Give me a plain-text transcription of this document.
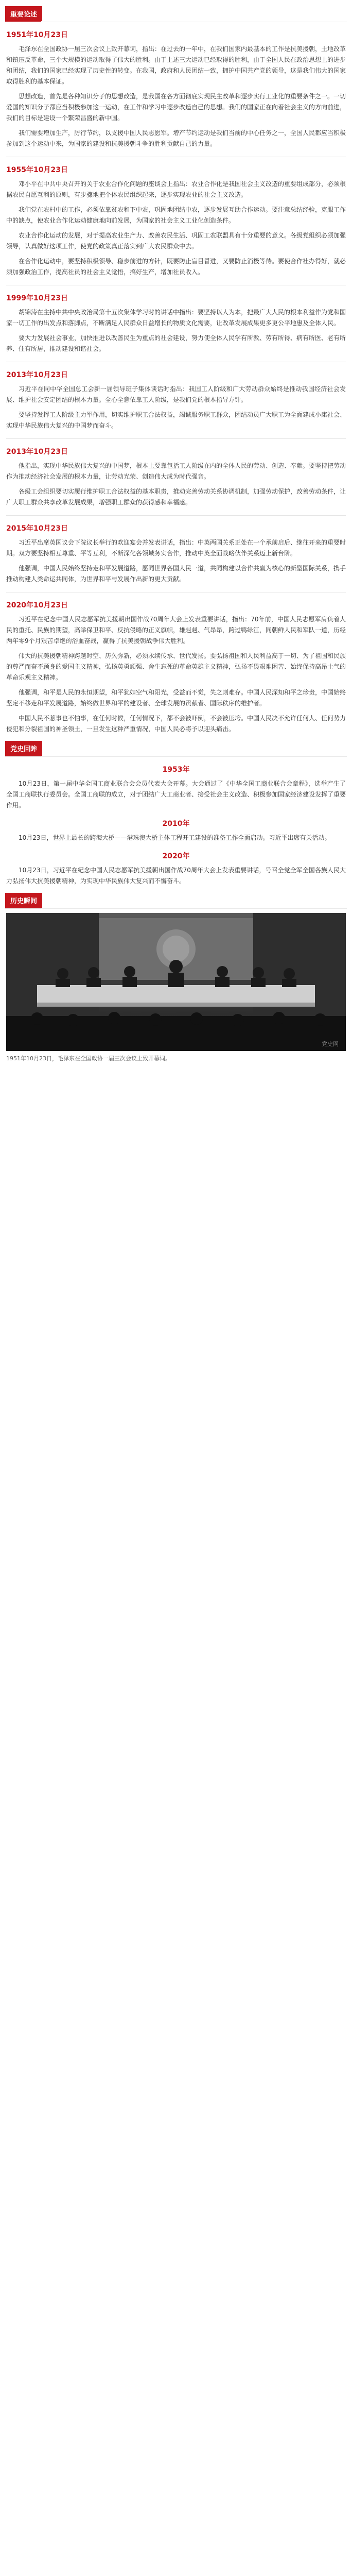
重要论述
1951年10月23日

毛泽东在全国政协一届三次会议上致开幕词，指出：在过去的一年中，在我们国家内最基本的工作是抗美援朝，土地改革和镇压反革命，三个大规模的运动取得了伟大的胜利。由于上述三大运动已经取得的胜利，由于全国人民在政治思想上的进步和团结，我们的国家已经实现了历史性的转变。在我国，政府和人民团结一致，拥护中国共产党的领导，这是我们伟大的国家取得胜利的基本保证。

思想改造，首先是各种知识分子的思想改造，是我国在各方面彻底实现民主改革和逐步实行工业化的重要条件之一。一切爱国的知识分子都应当积极参加这一运动，在工作和学习中逐步改造自己的思想。我们的国家正在向着社会主义的方向前进，我们的目标是建设一个繁荣昌盛的新中国。

我们需要增加生产，厉行节约，以支援中国人民志愿军。增产节约运动是我们当前的中心任务之一，全国人民都应当积极参加到这个运动中来，为国家的建设和抗美援朝斗争的胜利贡献自己的力量。

1955年10月23日

邓小平在中共中央召开的关于农业合作化问题的座谈会上指出：农业合作化是我国社会主义改造的重要组成部分，必须根据农民自愿互利的原则，有步骤地把个体农民组织起来，逐步实现农业的社会主义改造。

我们党在农村中的工作，必须依靠贫农和下中农，巩固地团结中农，逐步发展互助合作运动。要注意总结经验，克服工作中的缺点，使农业合作化运动健康地向前发展，为国家的社会主义工业化创造条件。

农业合作化运动的发展，对于提高农业生产力、改善农民生活、巩固工农联盟具有十分重要的意义。各级党组织必须加强领导，认真做好这项工作，使党的政策真正落实到广大农民群众中去。

在合作化运动中，要坚持积极领导、稳步前进的方针，既要防止盲目冒进，又要防止消极等待。要使合作社办得好，就必须加强政治工作，提高社员的社会主义觉悟，搞好生产，增加社员收入。

1999年10月23日

胡锦涛在主持中共中央政治局第十五次集体学习时的讲话中指出：要坚持以人为本，把最广大人民的根本利益作为党和国家一切工作的出发点和落脚点，不断满足人民群众日益增长的物质文化需要，让改革发展成果更多更公平地惠及全体人民。

要大力发展社会事业，加快推进以改善民生为重点的社会建设，努力使全体人民学有所教、劳有所得、病有所医、老有所养、住有所居，推动建设和谐社会。

2013年10月23日

习近平在同中华全国总工会新一届领导班子集体谈话时指出：我国工人阶级和广大劳动群众始终是推动我国经济社会发展、维护社会安定团结的根本力量。全心全意依靠工人阶级，是我们党的根本指导方针。

要坚持发挥工人阶级主力军作用，切实维护职工合法权益，竭诚服务职工群众，团结动员广大职工为全面建成小康社会、实现中华民族伟大复兴的中国梦而奋斗。

2013年10月23日

他指出，实现中华民族伟大复兴的中国梦，根本上要靠包括工人阶级在内的全体人民的劳动、创造、奉献。要坚持把劳动作为推动经济社会发展的根本力量，让劳动光荣、创造伟大成为时代强音。

各级工会组织要切实履行维护职工合法权益的基本职责，推动完善劳动关系协调机制，加强劳动保护，改善劳动条件，让广大职工群众共享改革发展成果，增强职工群众的获得感和幸福感。

2015年10月23日

习近平出席英国议会下院议长举行的欢迎宴会并发表讲话，指出：中英两国关系正处在一个承前启后、继往开来的重要时期。双方要坚持相互尊重、平等互利，不断深化各领域务实合作，推动中英全面战略伙伴关系迈上新台阶。

他强调，中国人民始终坚持走和平发展道路，愿同世界各国人民一道，共同构建以合作共赢为核心的新型国际关系，携手推动构建人类命运共同体，为世界和平与发展作出新的更大贡献。

2020年10月23日

习近平在纪念中国人民志愿军抗美援朝出国作战70周年大会上发表重要讲话，指出：70年前，中国人民志愿军肩负着人民的重托、民族的期望，高举保卫和平、反抗侵略的正义旗帜，雄赳赳、气昂昂，跨过鸭绿江，同朝鲜人民和军队一道，历经两年零9个月艰苦卓绝的浴血奋战，赢得了抗美援朝战争伟大胜利。

伟大的抗美援朝精神跨越时空、历久弥新，必须永续传承、世代发扬。要弘扬祖国和人民利益高于一切、为了祖国和民族的尊严而奋不顾身的爱国主义精神，弘扬英勇顽强、舍生忘死的革命英雄主义精神，弘扬不畏艰难困苦、始终保持高昂士气的革命乐观主义精神。

他强调，和平是人民的永恒期望，和平犹如空气和阳光，受益而不觉，失之则难存。中国人民深知和平之珍贵，中国始终坚定不移走和平发展道路，始终做世界和平的建设者、全球发展的贡献者、国际秩序的维护者。

中国人民不惹事也不怕事，在任何时候，任何情况下，都不会被吓倒，不会被压垮。中国人民决不允许任何人、任何势力侵犯和分裂祖国的神圣领土，一旦发生这种严重情况，中国人民必将予以迎头痛击。

党史回眸
1953年

10月23日，第一届中华全国工商业联合会会员代表大会开幕。大会通过了《中华全国工商业联合会章程》，选举产生了全国工商联执行委员会。全国工商联的成立，对于团结广大工商业者、接受社会主义改造、积极参加国家经济建设发挥了重要作用。

2010年

10月23日，世界上最长的跨海大桥——港珠澳大桥主体工程开工建设的准备工作全面启动。习近平出席有关活动。

2020年

10月23日，习近平在纪念中国人民志愿军抗美援朝出国作战70周年大会上发表重要讲话，号召全党全军全国各族人民大力弘扬伟大抗美援朝精神，为实现中华民族伟大复兴而不懈奋斗。

历史瞬间
党史网
1951年10月23日，毛泽东在全国政协一届三次会议上致开幕词。
